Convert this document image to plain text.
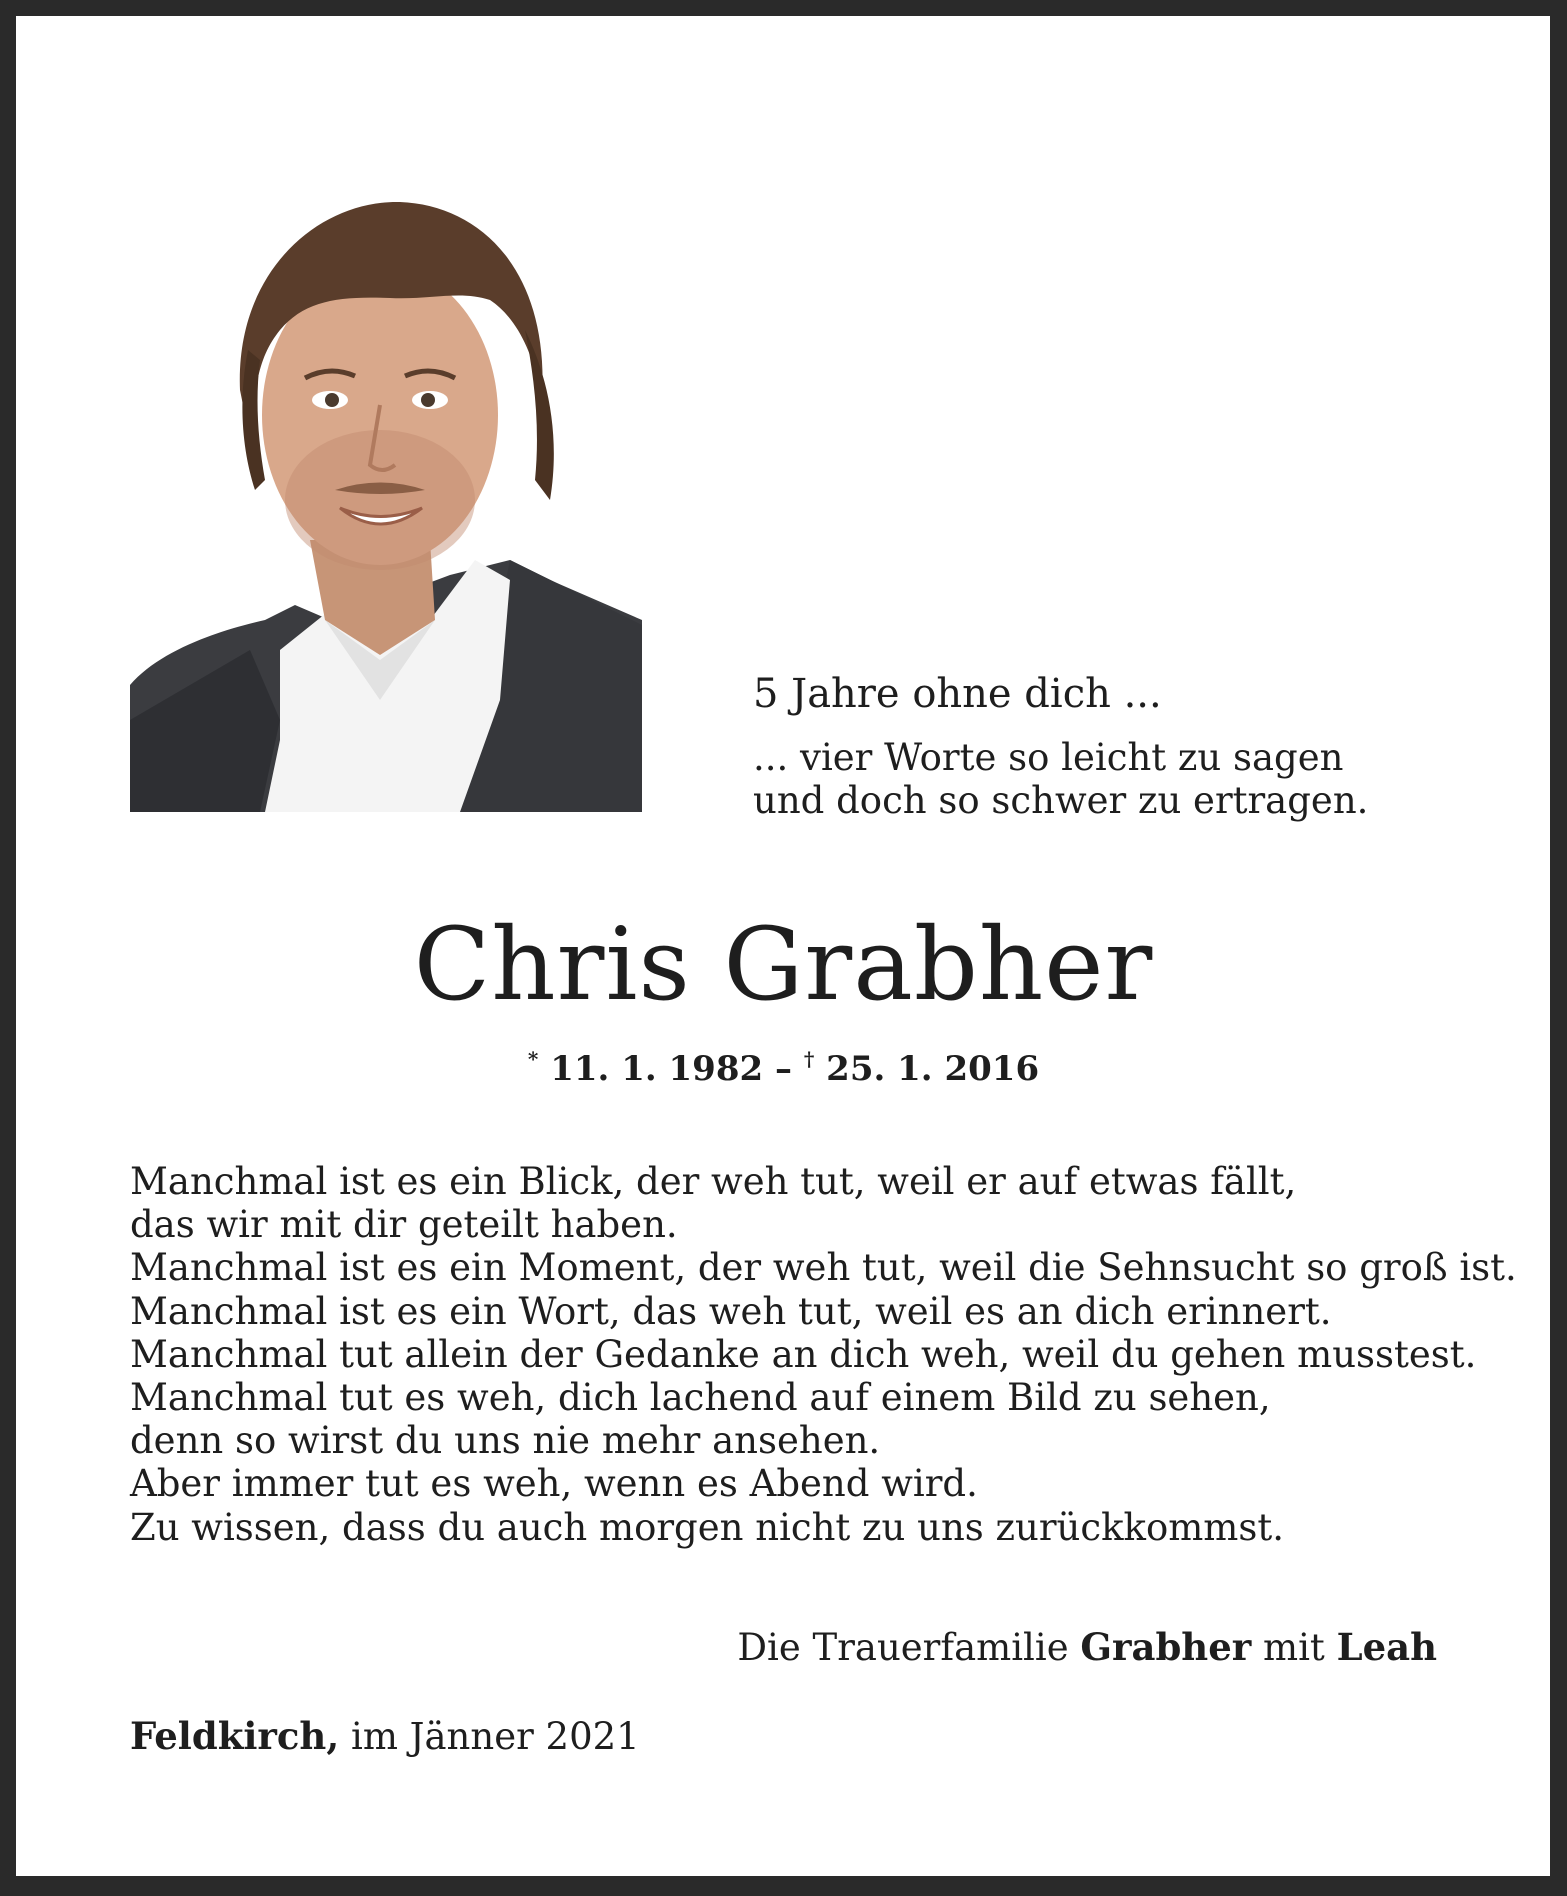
5 Jahre ohne dich ...
... vier Worte so leicht zu sagen
und doch so schwer zu ertragen.
Chris Grabher
* 11. 1. 1982 – † 25. 1. 2016
Manchmal ist es ein Blick, der weh tut, weil er auf etwas fällt,
das wir mit dir geteilt haben.
Manchmal ist es ein Moment, der weh tut, weil die Sehnsucht so groß ist.
Manchmal ist es ein Wort, das weh tut, weil es an dich erinnert.
Manchmal tut allein der Gedanke an dich weh, weil du gehen musstest.
Manchmal tut es weh, dich lachend auf einem Bild zu sehen,
denn so wirst du uns nie mehr ansehen.
Aber immer tut es weh, wenn es Abend wird.
Zu wissen, dass du auch morgen nicht zu uns zurückkommst.
Die Trauerfamilie Grabher mit Leah
Feldkirch, im Jänner 2021
